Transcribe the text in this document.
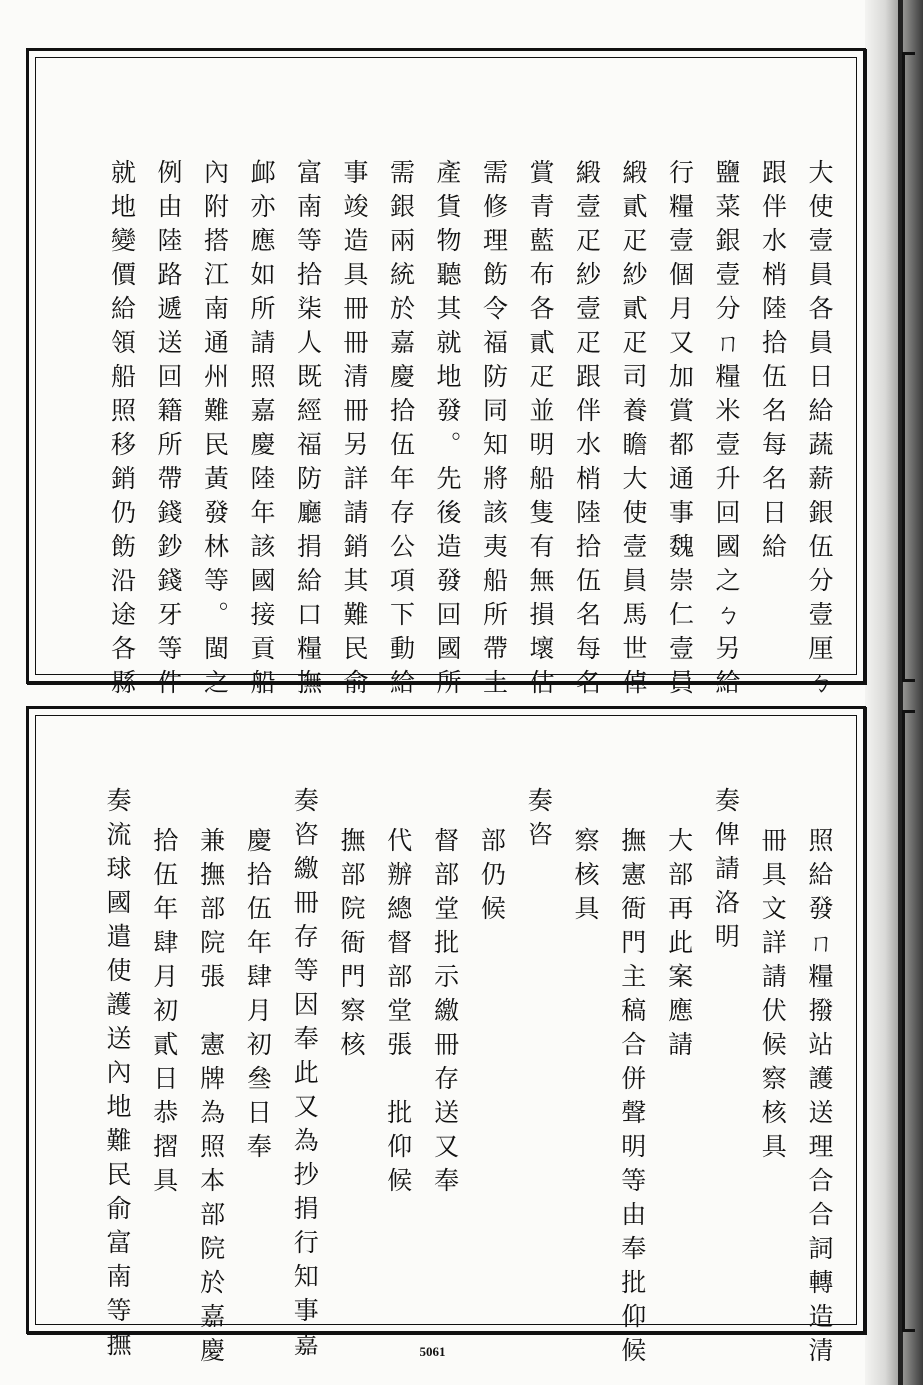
大使壹員各員日給蔬薪銀伍分壹厘ㄅ
跟伴水梢陸拾伍名每名日給
鹽菜銀壹分ㄇ糧米壹升回國之ㄅ另給
行糧壹個月又加賞都通事魏崇仁壹員
緞貳疋紗貳疋司養瞻大使壹員馬世倬
緞壹疋紗壹疋跟伴水梢陸拾伍名每名
賞青藍布各貳疋並明船隻有無損壞估
需修理飭令福防同知將該夷船所帶土
產貨物聽其就地發。先後造發回國所
需銀兩統於嘉慶拾伍年存公項下動給
事竣造具冊冊清冊另詳請銷其難民俞
富南等拾柒人既經福防廳捐給口糧撫
䘏亦應如所請照嘉慶陸年該國接貢船
內附搭江南通州難民黃發林等。閩之
例由陸路遞送回籍所帶錢鈔錢牙等件
就地變價給領船照移銷仍飭沿途各縣
照給發ㄇ糧撥站護送理合合詞轉造清
冊具文詳請伏候察核具
奏俾請洛明
大部再此案應請
撫憲衙門主稿合併聲明等由奉批仰候
察核具
奏咨
部仍候
督部堂批示繳冊存送又奉
代辦總督部堂張　批仰候
撫部院衙門察核
奏咨繳冊存等因奉此又為抄捐行知事嘉
慶拾伍年肆月初叄日奉
兼撫部院張　憲牌為照本部院於嘉慶
拾伍年肆月初貳日恭摺具
奏流球國遣使護送內地難民俞富南等撫	5061
